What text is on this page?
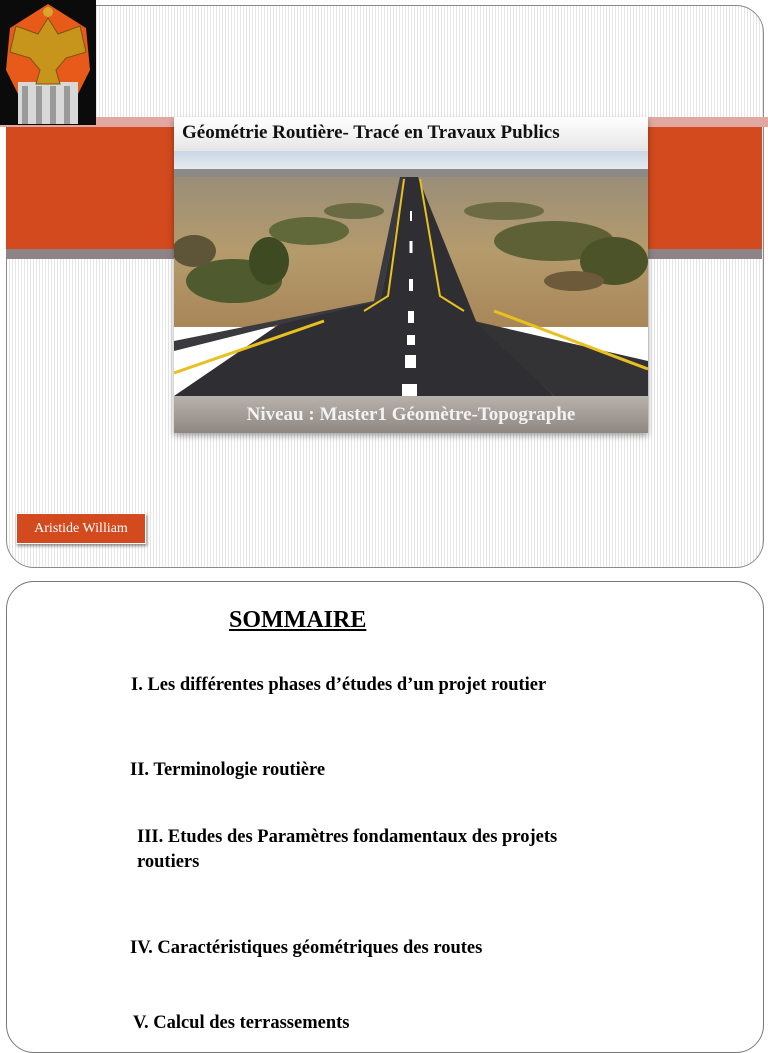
Géométrie Routière- Tracé en Travaux Publics
Niveau : Master1 Géomètre-Topographe
Aristide William
SOMMAIRE
I. Les différentes phases d’études d’un projet routier
II. Terminologie routière
III. Etudes des Paramètres fondamentaux des projets routiers
IV. Caractéristiques géométriques des routes
V. Calcul des terrassements
